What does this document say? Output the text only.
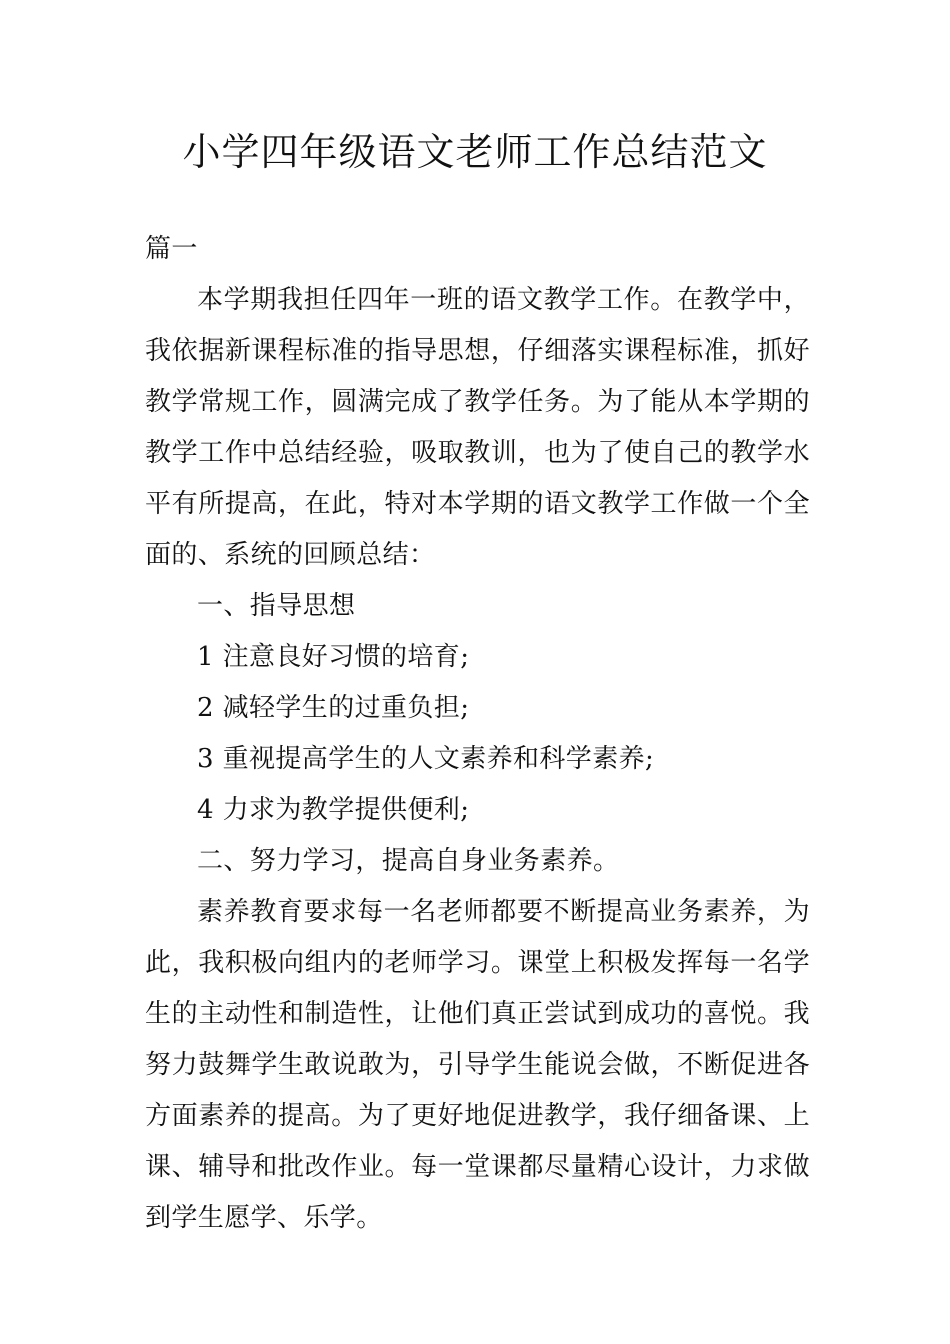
小学四年级语文老师工作总结范文

篇一

本学期我担任四年一班的语文教学工作。在教学中，我依据新课程标准的指导思想，仔细落实课程标准，抓好教学常规工作，圆满完成了教学任务。为了能从本学期的教学工作中总结经验，吸取教训，也为了使自己的教学水平有所提高，在此，特对本学期的语文教学工作做一个全面的、系统的回顾总结：

一、指导思想

1 注意良好习惯的培育;

2 减轻学生的过重负担;

3 重视提高学生的人文素养和科学素养;

4 力求为教学提供便利;

二、努力学习，提高自身业务素养。

素养教育要求每一名老师都要不断提高业务素养，为此，我积极向组内的老师学习。课堂上积极发挥每一名学生的主动性和制造性，让他们真正尝试到成功的喜悦。我努力鼓舞学生敢说敢为，引导学生能说会做，不断促进各方面素养的提高。为了更好地促进教学，我仔细备课、上课、辅导和批改作业。每一堂课都尽量精心设计，力求做到学生愿学、乐学。
